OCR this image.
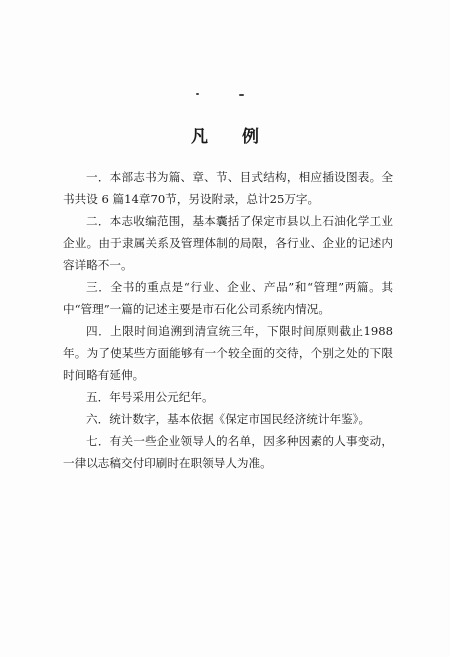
凡 例

一．本部志书为篇、章、节、目式结构，相应插设图表。全书共设 6 篇14章70节，另设附录，总计25万字。

二．本志收编范围，基本囊括了保定市县以上石油化学工业企业。由于隶属关系及管理体制的局限，各行业、企业的记述内容详略不一。

三．全书的重点是“行业、企业、产品”和“管理”两篇。其中“管理”一篇的记述主要是市石化公司系统内情况。

四．上限时间追溯到清宣统三年，下限时间原则截止1988年。为了使某些方面能够有一个较全面的交待，个别之处的下限时间略有延伸。

五．年号采用公元纪年。

六．统计数字，基本依据《保定市国民经济统计年鉴》。

七．有关一些企业领导人的名单，因多种因素的人事变动，一律以志稿交付印刷时在职领导人为准。
